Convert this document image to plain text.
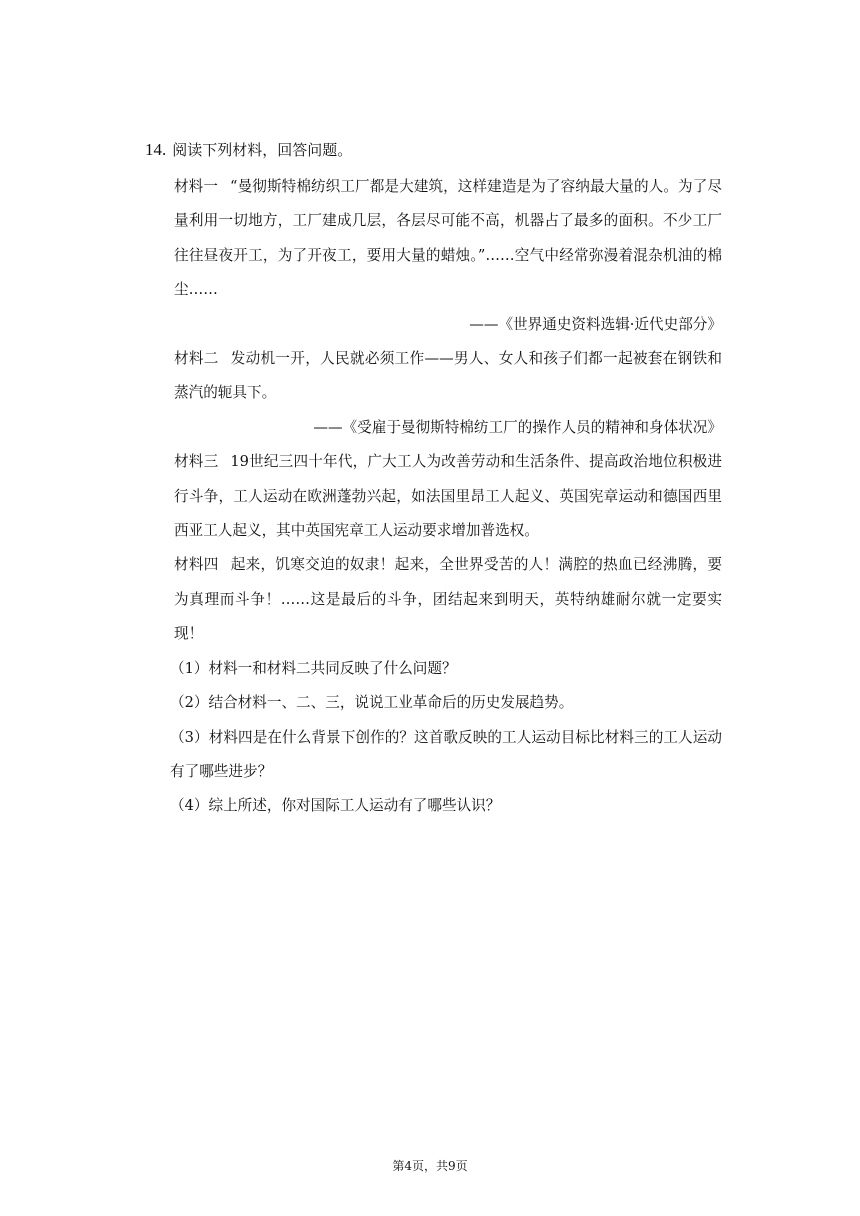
14. 阅读下列材料，回答问题。

材料一 “曼彻斯特棉纺织工厂都是大建筑，这样建造是为了容纳最大量的人。为了尽量利用一切地方，工厂建成几层，各层尽可能不高，机器占了最多的面积。不少工厂往往昼夜开工，为了开夜工，要用大量的蜡烛。”……空气中经常弥漫着混杂机油的棉尘……

——《世界通史资料选辑·近代史部分》

材料二 发动机一开，人民就必须工作——男人、女人和孩子们都一起被套在钢铁和蒸汽的轭具下。

——《受雇于曼彻斯特棉纺工厂的操作人员的精神和身体状况》

材料三 19世纪三四十年代，广大工人为改善劳动和生活条件、提高政治地位积极进行斗争，工人运动在欧洲蓬勃兴起，如法国里昂工人起义、英国宪章运动和德国西里西亚工人起义，其中英国宪章工人运动要求增加普选权。

材料四 起来，饥寒交迫的奴隶！起来，全世界受苦的人！满腔的热血已经沸腾，要为真理而斗争！……这是最后的斗争，团结起来到明天，英特纳雄耐尔就一定要实现！

（1）材料一和材料二共同反映了什么问题？

（2）结合材料一、二、三，说说工业革命后的历史发展趋势。

（3）材料四是在什么背景下创作的？这首歌反映的工人运动目标比材料三的工人运动有了哪些进步？

（4）综上所述，你对国际工人运动有了哪些认识？

第4页，共9页
